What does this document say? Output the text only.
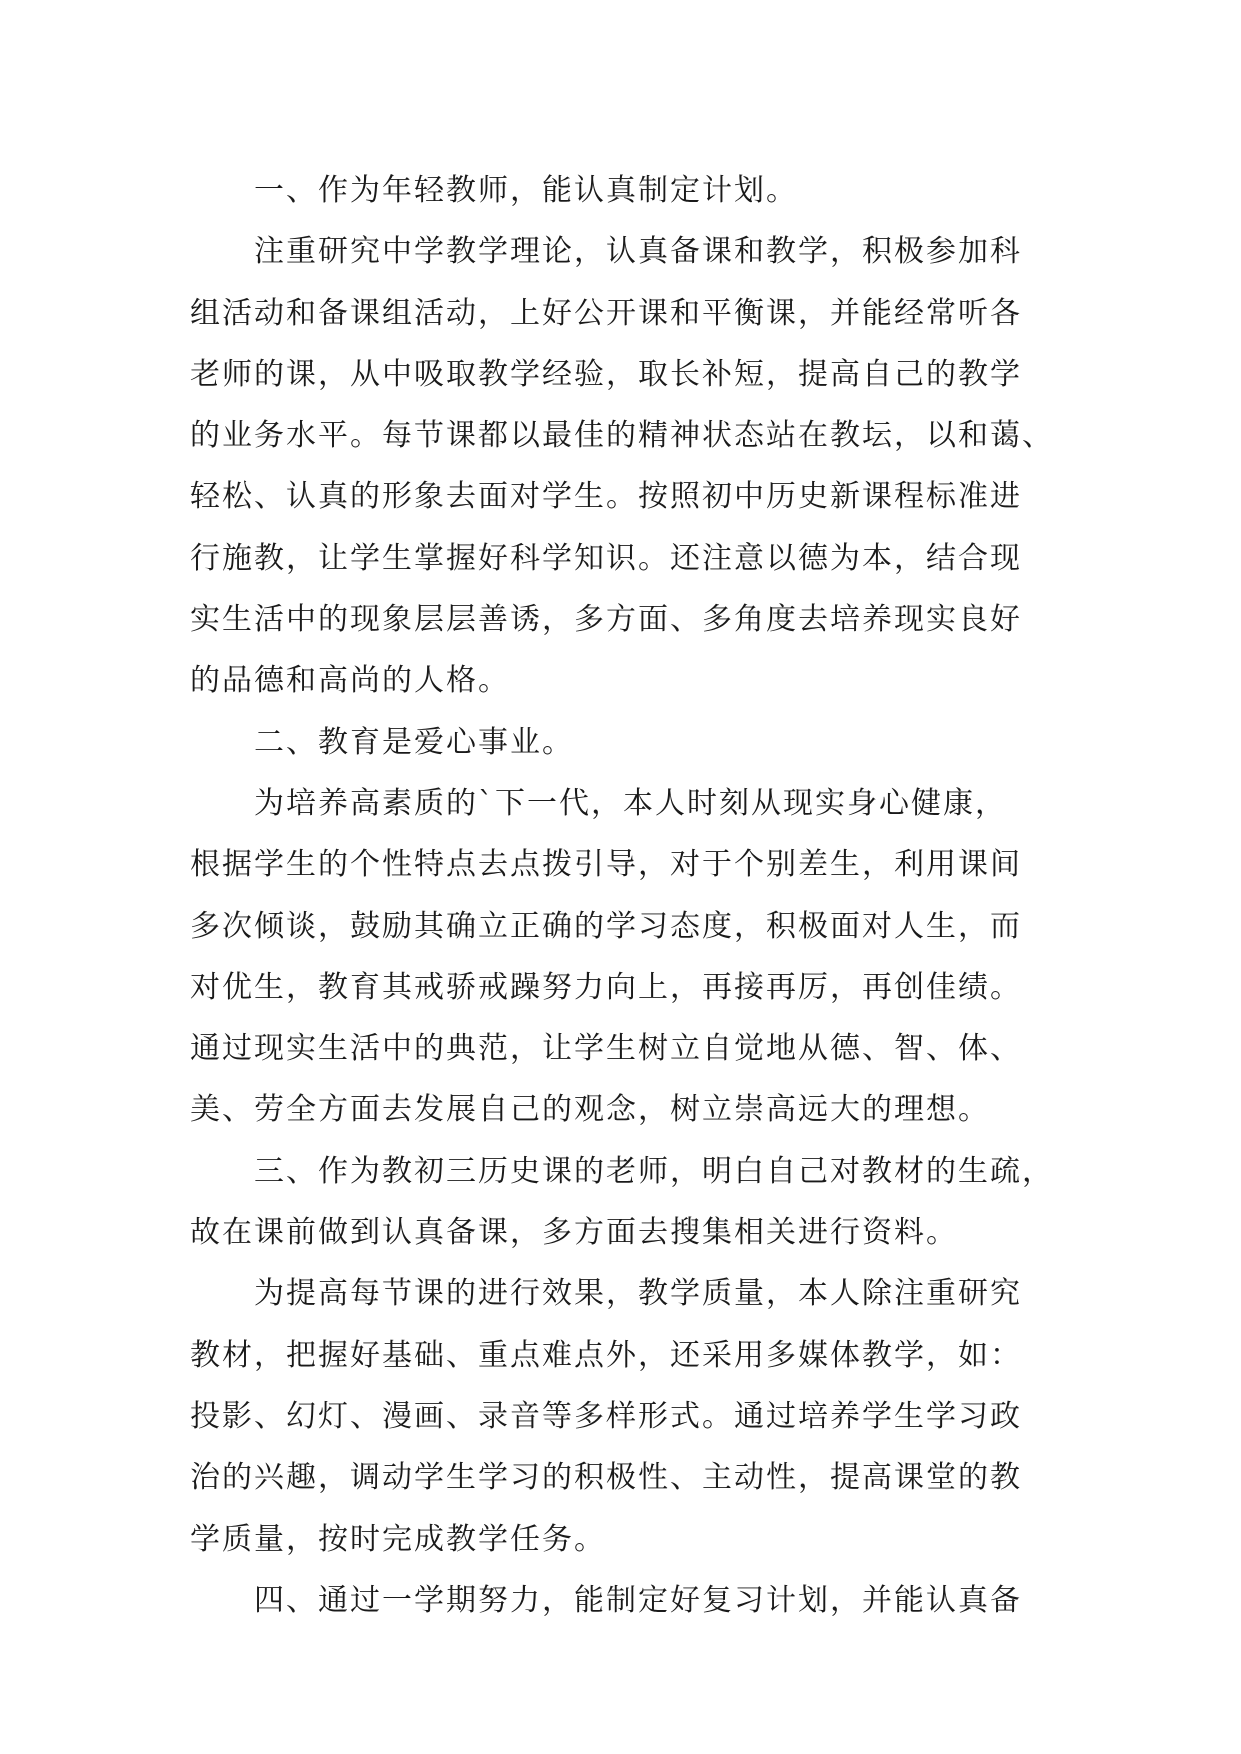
一、作为年轻教师，能认真制定计划。
注重研究中学教学理论，认真备课和教学，积极参加科
组活动和备课组活动，上好公开课和平衡课，并能经常听各
老师的课，从中吸取教学经验，取长补短，提高自己的教学
的业务水平。每节课都以最佳的精神状态站在教坛，以和蔼、
轻松、认真的形象去面对学生。按照初中历史新课程标准进
行施教，让学生掌握好科学知识。还注意以德为本，结合现
实生活中的现象层层善诱，多方面、多角度去培养现实良好
的品德和高尚的人格。
二、教育是爱心事业。
为培养高素质的`下一代，本人时刻从现实身心健康，
根据学生的个性特点去点拨引导，对于个别差生，利用课间
多次倾谈，鼓励其确立正确的学习态度，积极面对人生，而
对优生，教育其戒骄戒躁努力向上，再接再厉，再创佳绩。
通过现实生活中的典范，让学生树立自觉地从德、智、体、
美、劳全方面去发展自己的观念，树立崇高远大的理想。
三、作为教初三历史课的老师，明白自己对教材的生疏，
故在课前做到认真备课，多方面去搜集相关进行资料。
为提高每节课的进行效果，教学质量，本人除注重研究
教材，把握好基础、重点难点外，还采用多媒体教学，如：
投影、幻灯、漫画、录音等多样形式。通过培养学生学习政
治的兴趣，调动学生学习的积极性、主动性，提高课堂的教
学质量，按时完成教学任务。
四、通过一学期努力，能制定好复习计划，并能认真备
